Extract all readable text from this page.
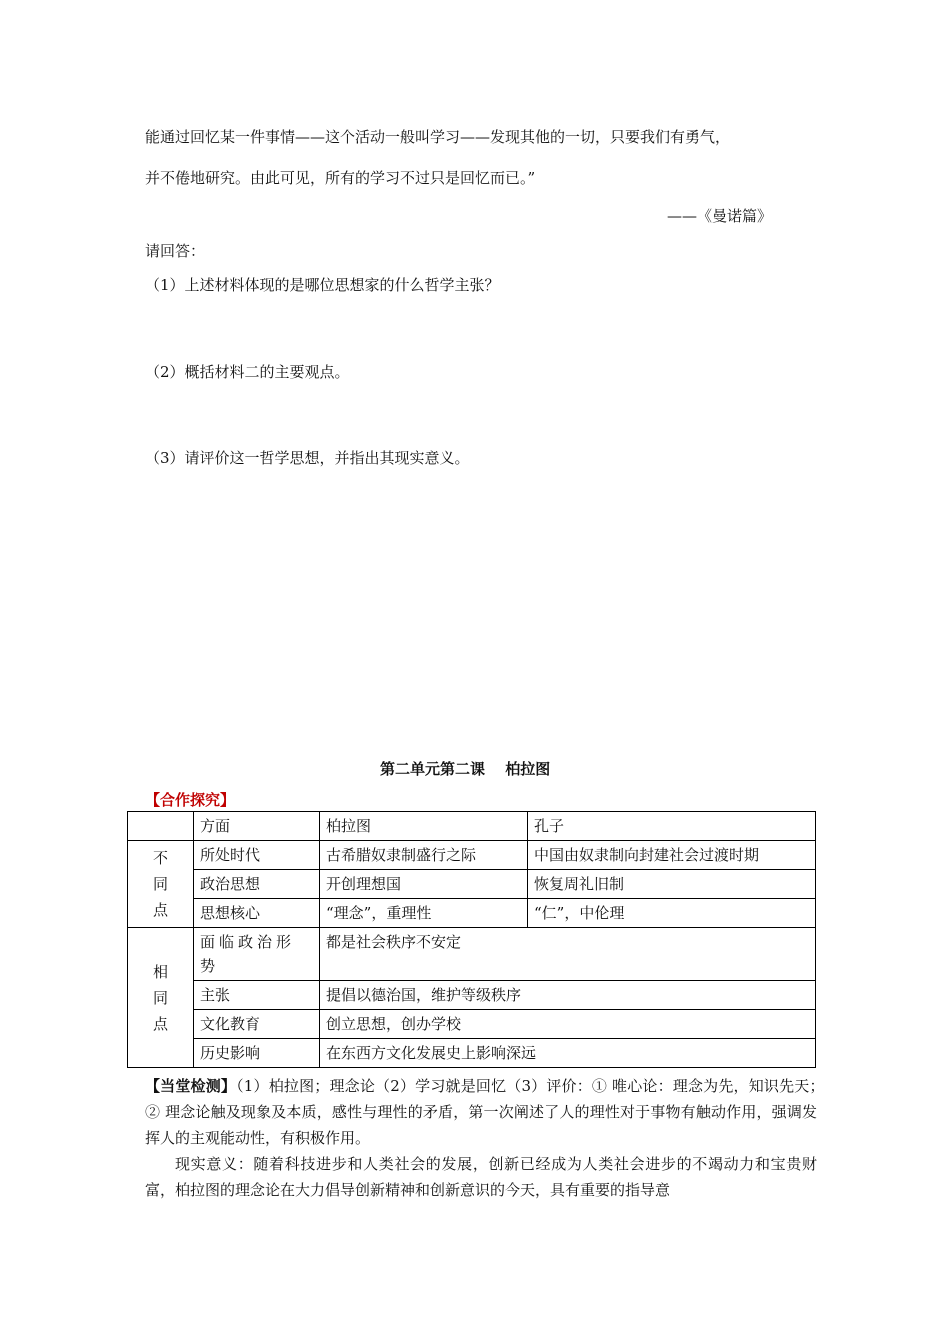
能通过回忆某一件事情——这个活动一般叫学习——发现其他的一切，只要我们有勇气，
并不倦地研究。由此可见，所有的学习不过只是回忆而已。”
——《曼诺篇》
请回答：
（1）上述材料体现的是哪位思想家的什么哲学主张？
（2）概括材料二的主要观点。
（3）请评价这一哲学思想，并指出其现实意义。
第二单元第二课　 柏拉图
【合作探究】
	方面	柏拉图	孔子
不同点	所处时代	古希腊奴隶制盛行之际	中国由奴隶制向封建社会过渡时期
	政治思想	开创理想国	恢复周礼旧制
	思想核心	“理念”，重理性	“仁”，中伦理
相同点	面临政治形势	都是社会秩序不安定	
	主张	提倡以德治国，维护等级秩序	
	文化教育	创立思想，创办学校	
	历史影响	在东西方文化发展史上影响深远	
【当堂检测】（1）柏拉图；理念论（2）学习就是回忆（3）评价：① 唯心论：理念为先，知识先天；　② 理念论触及现象及本质，感性与理性的矛盾，第一次阐述了人的理性对于事物有触动作用，强调发挥人的主观能动性，有积极作用。
现实意义：随着科技进步和人类社会的发展，创新已经成为人类社会进步的不竭动力和宝贵财富，柏拉图的理念论在大力倡导创新精神和创新意识的今天，具有重要的指导意
